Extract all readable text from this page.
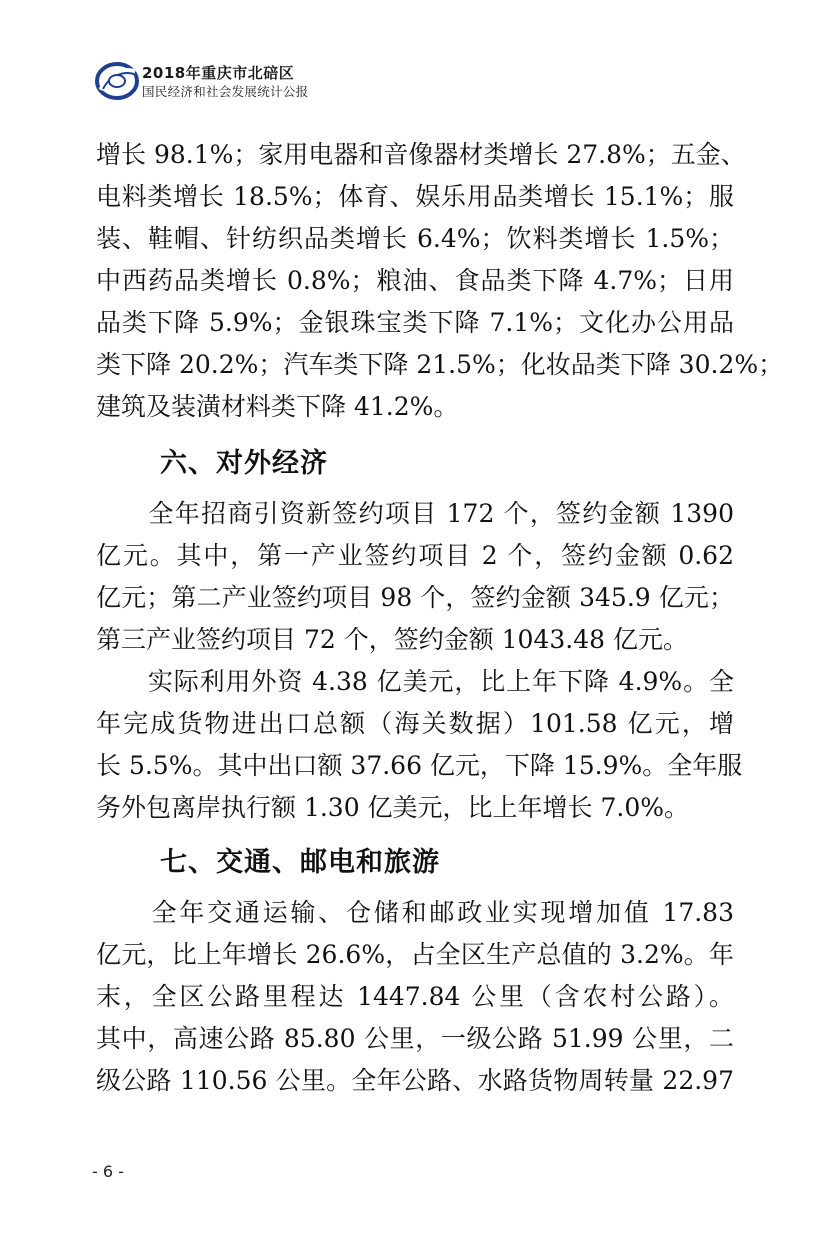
2018年重庆市北碚区
国民经济和社会发展统计公报
增长 98.1%；家用电器和音像器材类增长 27.8%；五金、
电料类增长 18.5%；体育、娱乐用品类增长 15.1%；服
装、鞋帽、针纺织品类增长 6.4%；饮料类增长 1.5%；
中西药品类增长 0.8%；粮油、食品类下降 4.7%；日用
品类下降 5.9%；金银珠宝类下降 7.1%；文化办公用品
类下降 20.2%；汽车类下降 21.5%；化妆品类下降 30.2%；
建筑及装潢材料类下降 41.2%。
六、对外经济
　　全年招商引资新签约项目 172 个，签约金额 1390
亿元。其中，第一产业签约项目 2 个，签约金额 0.62
亿元；第二产业签约项目 98 个，签约金额 345.9 亿元；
第三产业签约项目 72 个，签约金额 1043.48 亿元。
　　实际利用外资 4.38 亿美元，比上年下降 4.9%。全
年完成货物进出口总额（海关数据）101.58 亿元，增
长 5.5%。其中出口额 37.66 亿元，下降 15.9%。全年服
务外包离岸执行额 1.30 亿美元，比上年增长 7.0%。
七、交通、邮电和旅游
　　全年交通运输、仓储和邮政业实现增加值 17.83
亿元，比上年增长 26.6%，占全区生产总值的 3.2%。年
末，全区公路里程达 1447.84 公里（含农村公路）。
其中，高速公路 85.80 公里，一级公路 51.99 公里，二
级公路 110.56 公里。全年公路、水路货物周转量 22.97
- 6 -
